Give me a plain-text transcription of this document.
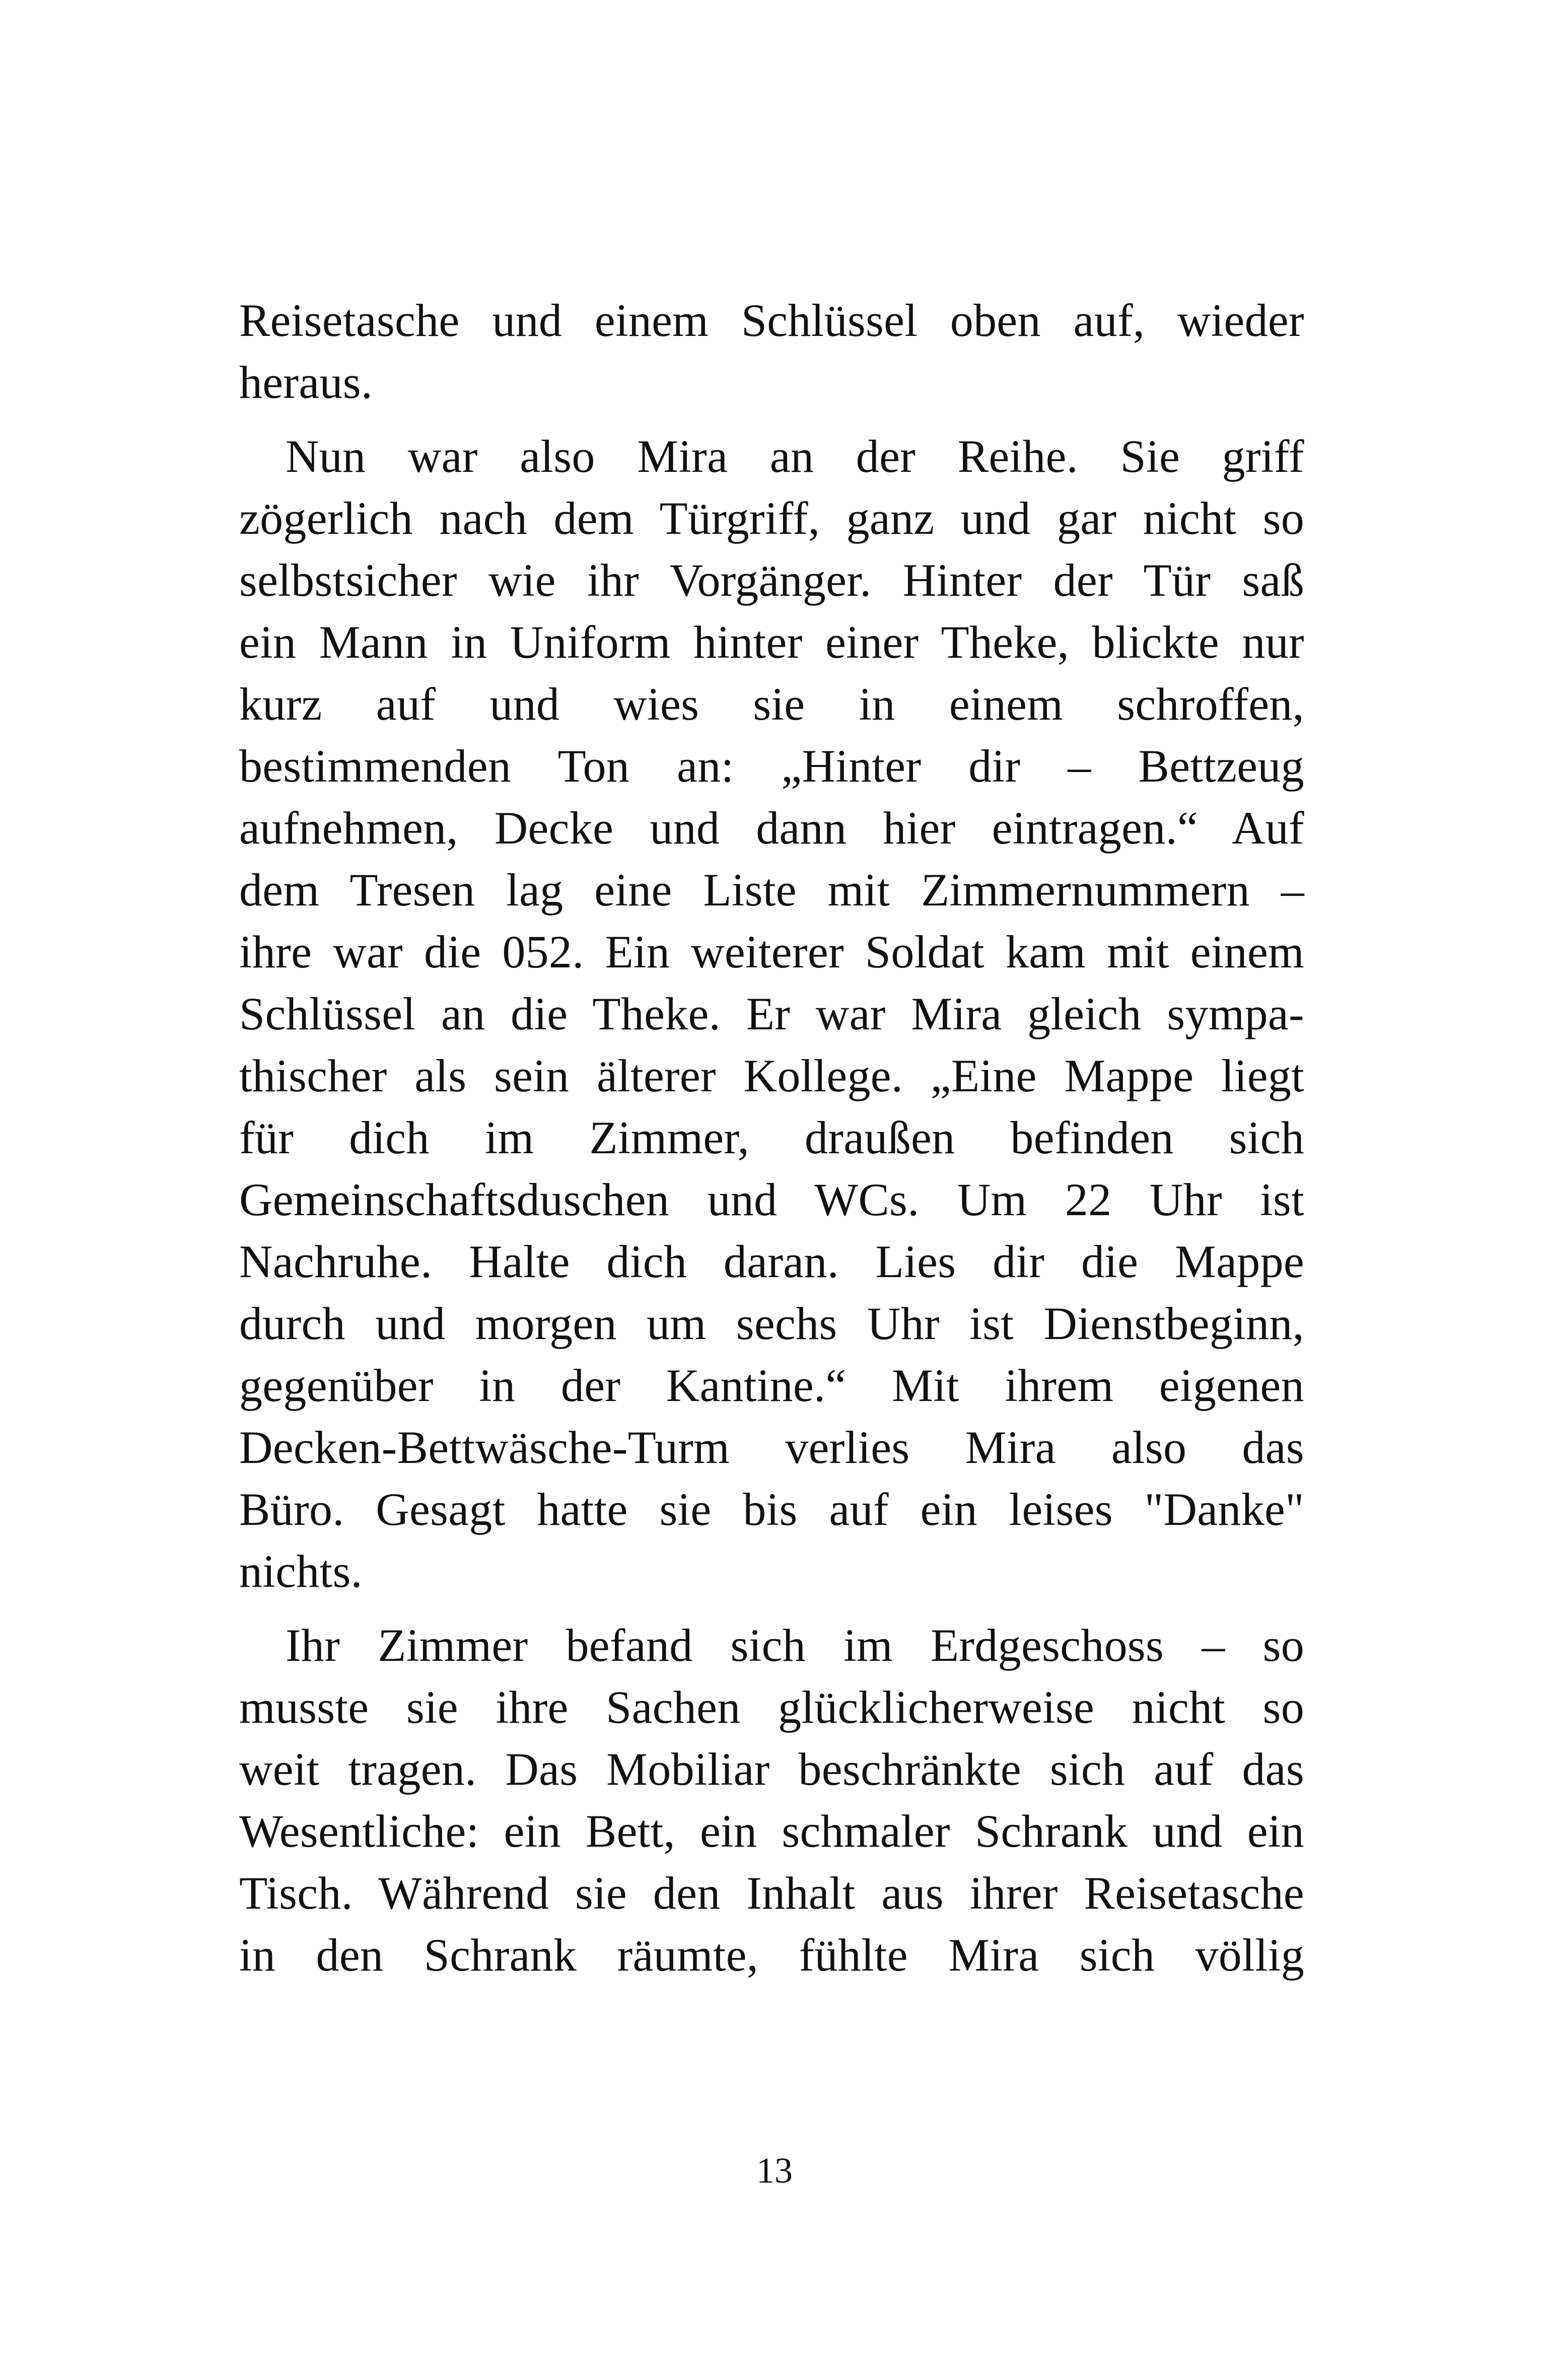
Reisetasche und einem Schlüssel oben auf, wieder
heraus.
Nun war also Mira an der Reihe. Sie griff
zögerlich nach dem Türgriff, ganz und gar nicht so
selbstsicher wie ihr Vorgänger. Hinter der Tür saß
ein Mann in Uniform hinter einer Theke, blickte nur
kurz auf und wies sie in einem schroffen,
bestimmenden Ton an: „Hinter dir – Bettzeug
aufnehmen, Decke und dann hier eintragen.“ Auf
dem Tresen lag eine Liste mit Zimmernummern –
ihre war die 052. Ein weiterer Soldat kam mit einem
Schlüssel an die Theke. Er war Mira gleich sympa-
thischer als sein älterer Kollege. „Eine Mappe liegt
für dich im Zimmer, draußen befinden sich
Gemeinschaftsduschen und WCs. Um 22 Uhr ist
Nachruhe. Halte dich daran. Lies dir die Mappe
durch und morgen um sechs Uhr ist Dienstbeginn,
gegenüber in der Kantine.“ Mit ihrem eigenen
Decken-Bettwäsche-Turm verlies Mira also das
Büro. Gesagt hatte sie bis auf ein leises "Danke"
nichts.
Ihr Zimmer befand sich im Erdgeschoss – so
musste sie ihre Sachen glücklicherweise nicht so
weit tragen. Das Mobiliar beschränkte sich auf das
Wesentliche: ein Bett, ein schmaler Schrank und ein
Tisch. Während sie den Inhalt aus ihrer Reisetasche
in den Schrank räumte, fühlte Mira sich völlig
13
